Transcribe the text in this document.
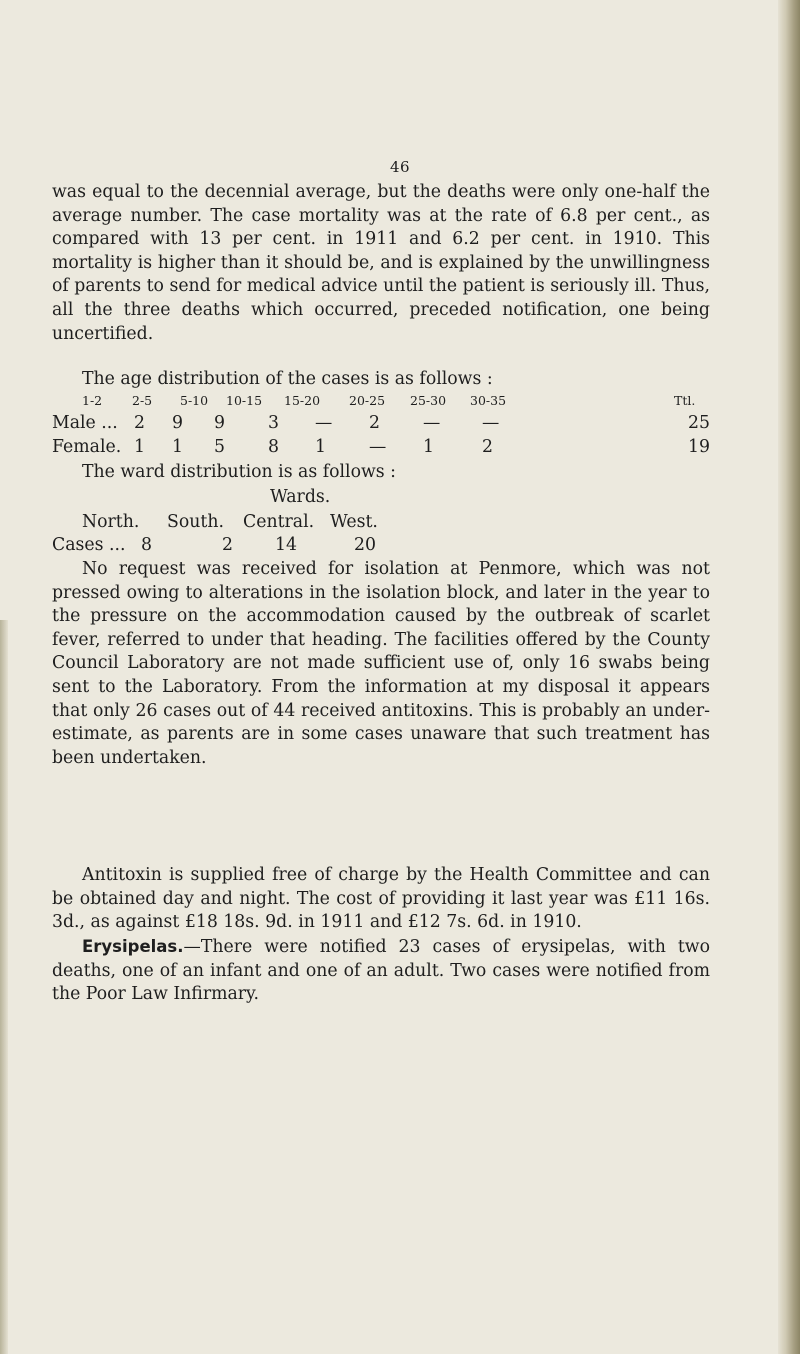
46

was equal to the decennial average, but the deaths were only one-half the average number. The case mortality was at the rate of 6.8 per cent., as compared with 13 per cent. in 1911 and 6.2 per cent. in 1910. This mortality is higher than it should be, and is explained by the unwillingness of parents to send for medical advice until the patient is seriously ill. Thus, all the three deaths which occurred, preceded notification, one being uncertified.

The age distribution of the cases is as follows :
1-2 2-5 5-10 10-15 15-20 20-25 25-30 30-35	Ttl.
Male ... 2 9 9 3 — 2 — —	25
Female. 1 1 5 8 1 — 1	2	19
The ward distribution is as follows :
Wards.
North. South. Central. West.
Cases ... 8	2 14	20

No request was received for isolation at Penmore, which was not pressed owing to alterations in the isolation block, and later in the year to the pressure on the accommodation caused by the outbreak of scarlet fever, referred to under that heading. The facilities offered by the County Council Laboratory are not made sufficient use of, only 16 swabs being sent to the Laboratory. From the information at my disposal it appears that only 26 cases out of 44 received antitoxins. This is probably an under-estimate, as parents are in some cases unaware that such treatment has been undertaken.

Antitoxin is supplied free of charge by the Health Committee and can be obtained day and night. The cost of providing it last year was £11 16s. 3d., as against £18 18s. 9d. in 1911 and £12 7s. 6d. in 1910.

Erysipelas.—There were notified 23 cases of erysipelas, with two deaths, one of an infant and one of an adult. Two cases were notified from the Poor Law Infirmary.
